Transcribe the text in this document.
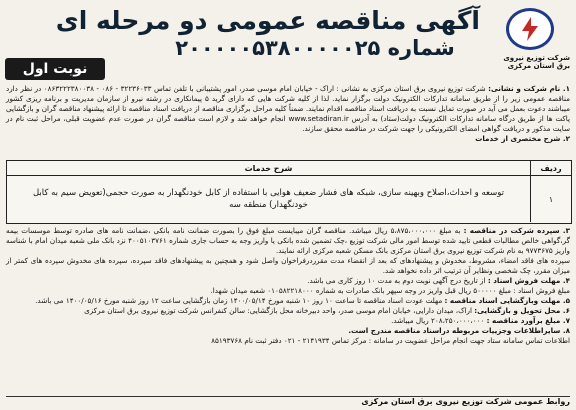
آگهی مناقصه عمومی دو مرحله ای
شماره ۲۰۰۰۰۰۵۳۸۰۰۰۰۰۲۵	شرکت توزیع نیروی برق استان مرکزی
نوبت اول
۱. نام شرکت و نشانی: شرکت توزیع نیروی برق استان مرکزی به نشانی : اراک - خیابان امام موسی صدر، امور پشتیبانی با تلفن تماس ۳۲۲۳۶۰۳۳ - ۰۸۶ - ۰۸۶۳۲۲۲۳۸۰۰۳۸ در نظر دارد مناقصه عمومی زیر را از طریق سامانه تدارکات الکترونیک دولت برگزار نماید. لذا از کلیه شرکت هایی که دارای گرید ۵ پیمانکاری در رشته نیرو از سازمان مدیریت و برنامه ریزی کشور میباشند دعوت بعمل می آید در صورت تمایل نسبت به دریافت اسناد مناقصه اقدام نمایند. ضمناً کلیه مراحل برگزاری مناقصه از دریافت اسناد مناقصه تا ارائه پیشنهاد مناقصه گران و بازگشایی پاکت ها از طریق درگاه سامانه تدارکات الکترونیک دولت(ستاد) به آدرس www.setadiran.ir انجام خواهد شد و لازم است مناقصه گران در صورت عدم عضویت قبلی، مراحل ثبت نام در سایت مذکور و دریافت گواهی امضای الکترونیکی را جهت شرکت در مناقصه محقق سازند.
۲. شرح مختصری از خدمات
ردیف
شرح خدمات
۱
توسعه و احداث،اصلاح وبهینه سازی، شبکه های فشار ضعیف هوایی با استفاده از کابل خودنگهدار به صورت حجمی(تعویض سیم به کابل خودنگهدار) منطقه سه
۳. سپرده شرکت در مناقصه : به مبلغ ۵،۸۷۵،۰۰۰،۰۰۰ ریال میباشد. مناقصه گران میبایست مبلغ فوق را بصورت ضمانت نامه بانکی ،ضمانت نامه های صادره توسط موسسات بیمه گر،گواهی خالص مطالبات قطعی تایید شده توسط امور مالی شرکت توزیع ،چک تضمین شده بانکی یا واریز وجه به حساب جاری شماره ۴۰۰۵۱۰۳۷۶۱ نزد بانک ملی شعبه میدان امام با شناسه واریز ۹۷۷۳۶۷۵ به نام شرکت توزیع نیروی برق استان مرکزی بانک مسکن شعبه مرکزی ارائه نمایند.
سپرده های فاقد امضاء، مشروط، مخدوش و پیشنهادهای که بعد از انقضاء مدت مقرردرفراخوان واصل شود و همچنین به پیشنهادهای فاقد سپرده، سپرده های مخدوش سپرده های کمتر از میزان مقرر، چک شخصی ونظایر آن ترتیب اثر داده نخواهد شد.
۴. مهلت فروش اسناد : از تاریخ درج آگهی نوبت دوم به مدت ۱۰ روز کاری می باشد.
مبلغ فروش اسناد : مبلغ ۵۰۰۰۰۰ ریال قبل واریز در وجه سپهر بانک صادرات به شماره ۰۱۰۵۸۲۲۱۸۰۰۰ شعبه میدان شهدا.
۵. مهلت وبازگشایی اسناد مناقصه : مهلت عودت اسناد مناقصه تا ساعت ۱۰ روز ۱۰ شنبه مورخ ۱۴۰۰/۰۵/۱۴ زمان بازگشایی ساعت ۱۲ روز شنبه مورخ ۱۴۰۰/۰۵/۱۶ می باشد.
۶. محل تحویل و بازگشایی: اراک، میدان دارایی، خیابان امام موسی صدر، واحد دبیرخانه محل بازگشایی: سالن کنفرانس شرکت توزیع نیروی برق استان مرکزی
۷. مبلغ برآورد مناقصه : ۲۰۸،۲۵۰،۰۰۰،۰۰۰ ریال میباشد.
۸. سایراطلاعات وجزییات مربوطه دراسناد مناقصه مندرج است.
اطلاعات تماس سامانه ستاد جهت انجام مراحل عضویت در سامانه : مرکز تماس ۲۱۴۱۹۳۴ - ۰۲۱ دفتر ثبت نام ۸۵۱۹۳۷۶۸
روابط عمومی شرکت توزیع نیروی برق استان مرکزی
